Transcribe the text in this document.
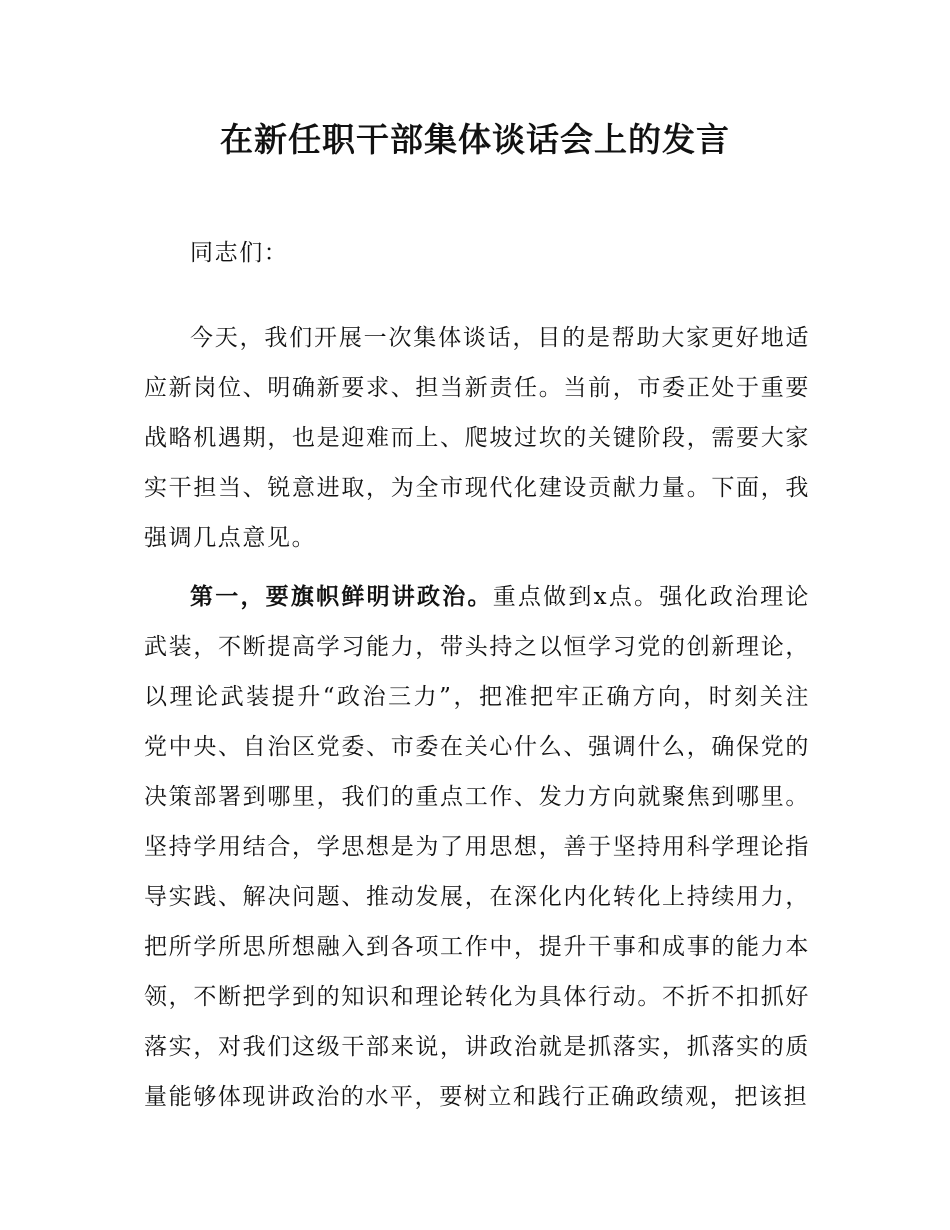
在新任职干部集体谈话会上的发言

同志们：

今天，我们开展一次集体谈话，目的是帮助大家更好地适应新岗位、明确新要求、担当新责任。当前，市委正处于重要战略机遇期，也是迎难而上、爬坡过坎的关键阶段，需要大家实干担当、锐意进取，为全市现代化建设贡献力量。下面，我强调几点意见。

第一，要旗帜鲜明讲政治。重点做到x点。强化政治理论武装，不断提高学习能力，带头持之以恒学习党的创新理论，以理论武装提升“政治三力”，把准把牢正确方向，时刻关注党中央、自治区党委、市委在关心什么、强调什么，确保党的决策部署到哪里，我们的重点工作、发力方向就聚焦到哪里。坚持学用结合，学思想是为了用思想，善于坚持用科学理论指导实践、解决问题、推动发展，在深化内化转化上持续用力，把所学所思所想融入到各项工作中，提升干事和成事的能力本领，不断把学到的知识和理论转化为具体行动。不折不扣抓好落实，对我们这级干部来说，讲政治就是抓落实，抓落实的质量能够体现讲政治的水平，要树立和践行正确政绩观，把该担
